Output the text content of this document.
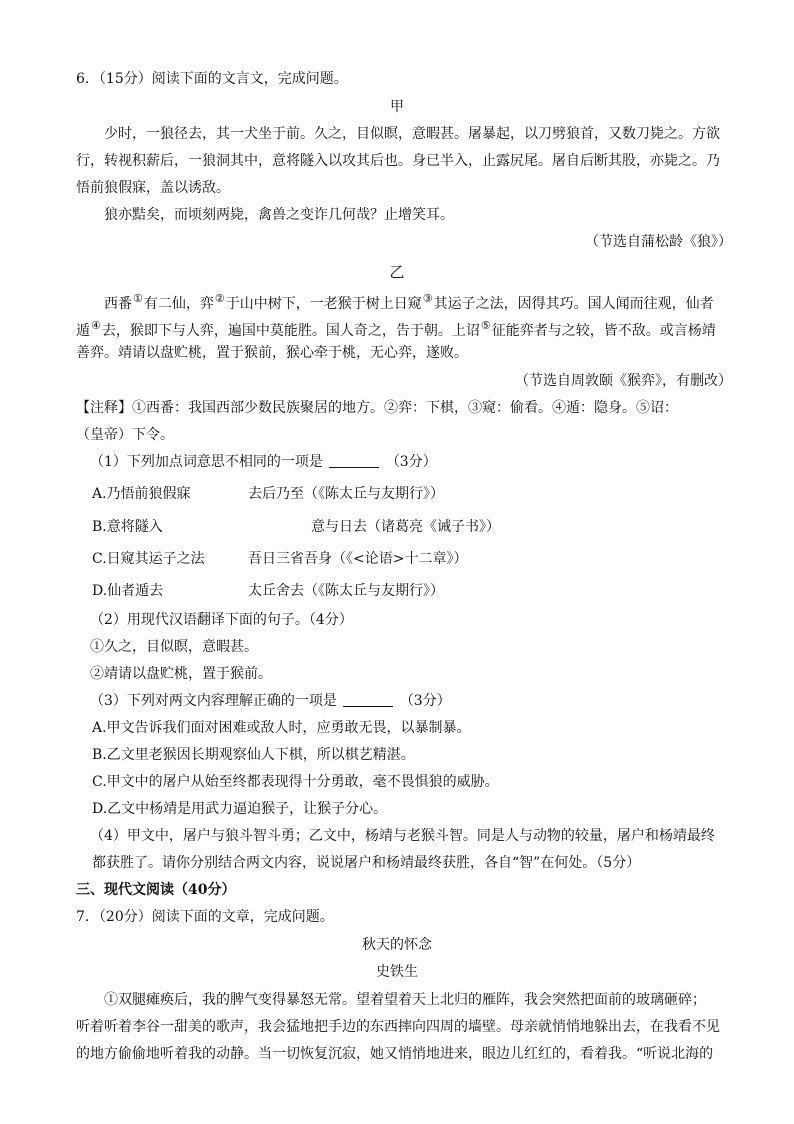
6．（15分）阅读下面的文言文，完成问题。
甲
少时，一狼径去，其一犬坐于前。久之，目似瞑，意暇甚。屠暴起，以刀劈狼首，又数刀毙之。方欲
行，转视积薪后，一狼洞其中，意将隧入以攻其后也。身已半入，止露尻尾。屠自后断其股，亦毙之。乃
悟前狼假寐，盖以诱敌。
狼亦黠矣，而顷刻两毙，禽兽之变诈几何哉？止增笑耳。
（节选自蒲松龄《狼》）
乙
西番①有二仙，弈②于山中树下，一老猴于树上日窥③其运子之法，因得其巧。国人闻而往观，仙者
遁④去，猴即下与人弈，遍国中莫能胜。国人奇之，告于朝。上诏⑤征能弈者与之较，皆不敌。或言杨靖
善弈。靖请以盘贮桃，置于猴前，猴心牵于桃，无心弈，遂败。
（节选自周敦颐《猴弈》，有删改）
【注释】①西番：我国西部少数民族聚居的地方。②弈：下棋，③窥：偷看。④遁：隐身。⑤诏：
（皇帝）下令。
（1）下列加点词意思不相同的一项是	（3分）
A.乃悟前狼假寐	去后乃至（《陈太丘与友期行》）
B.意将隧入	意与日去（诸葛亮《诫子书》）
C.日窥其运子之法	吾日三省吾身（《<论语>十二章》）
D.仙者遁去	太丘舍去（《陈太丘与友期行》）
（2）用现代汉语翻译下面的句子。（4分）
①久之，目似瞑，意暇甚。
②靖请以盘贮桃，置于猴前。
（3）下列对两文内容理解正确的一项是	（3分）
A.甲文告诉我们面对困难或敌人时，应勇敢无畏，以暴制暴。
B.乙文里老猴因长期观察仙人下棋，所以棋艺精湛。
C.甲文中的屠户从始至终都表现得十分勇敢，毫不畏惧狼的威胁。
D.乙文中杨靖是用武力逼迫猴子，让猴子分心。
（4）甲文中，屠户与狼斗智斗勇；乙文中，杨靖与老猴斗智。同是人与动物的较量，屠户和杨靖最终
都获胜了。请你分别结合两文内容，说说屠户和杨靖最终获胜，各自“智”在何处。（5分）
三、现代文阅读（40分）
7．（20分）阅读下面的文章，完成问题。
秋天的怀念
史铁生
①双腿瘫痪后，我的脾气变得暴怒无常。望着望着天上北归的雁阵，我会突然把面前的玻璃砸碎；
听着听着李谷一甜美的歌声，我会猛地把手边的东西摔向四周的墙壁。母亲就悄悄地躲出去，在我看不见
的地方偷偷地听着我的动静。当一切恢复沉寂，她又悄悄地进来，眼边儿红红的，看着我。“听说北海的
